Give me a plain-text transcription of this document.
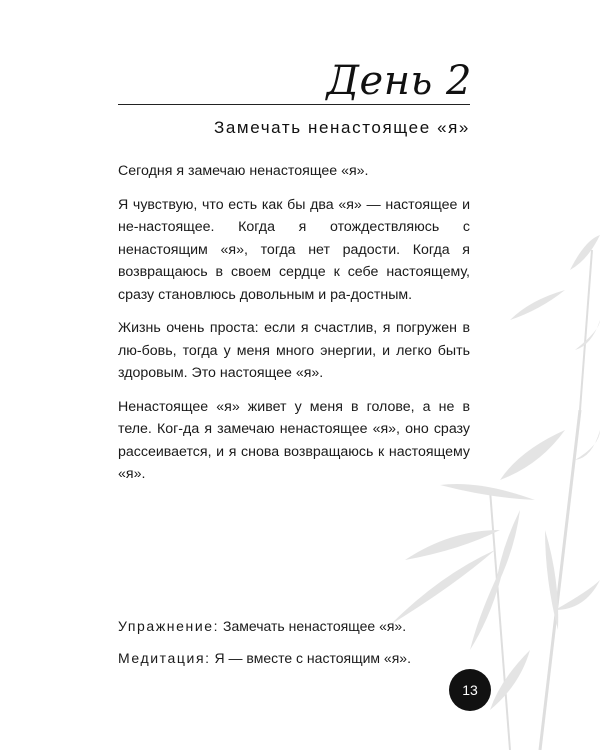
День 2
Замечать ненастоящее «я»

Сегодня я замечаю ненастоящее «я».

Я чувствую, что есть как бы два «я» — настоящее и не-настоящее. Когда я отождествляюсь с ненастоящим «я», тогда нет радости. Когда я возвращаюсь в своем сердце к себе настоящему, сразу становлюсь довольным и ра-достным.

Жизнь очень проста: если я счастлив, я погружен в лю-бовь, тогда у меня много энергии, и легко быть здоровым. Это настоящее «я».

Ненастоящее «я» живет у меня в голове, а не в теле. Ког-да я замечаю ненастоящее «я», оно сразу рассеивается, и я снова возвращаюсь к настоящему «я».

Упражнение: Замечать ненастоящее «я».
Медитация: Я — вместе с настоящим «я».
13
